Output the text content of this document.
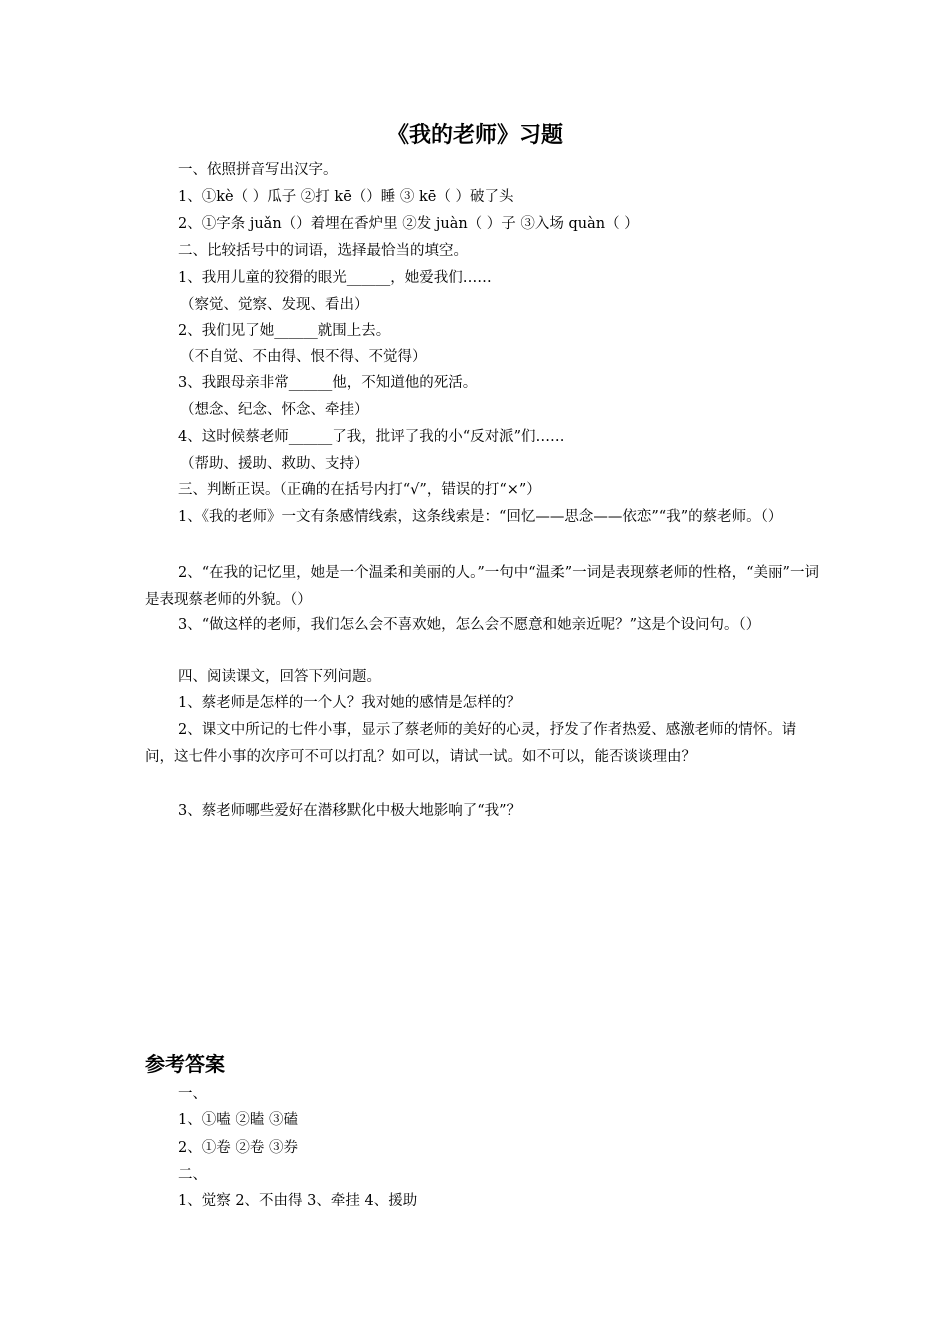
《我的老师》习题

一、依照拼音写出汉字。

1、①kè（ ）瓜子 ②打 kē（）睡 ③ kē（ ）破了头

2、①字条 juǎn（）着埋在香炉里 ②发 juàn（ ）子 ③入场 quàn（ ）

二、比较括号中的词语，选择最恰当的填空。

1、我用儿童的狡猾的眼光______，她爱我们……

（察觉、觉察、发现、看出）

2、我们见了她______就围上去。

（不自觉、不由得、恨不得、不觉得）

3、我跟母亲非常______他，不知道他的死活。

（想念、纪念、怀念、牵挂）

4、这时候蔡老师______了我，批评了我的小“反对派”们……

（帮助、援助、救助、支持）

三、判断正误。（正确的在括号内打“√”，错误的打“×”）

1、《我的老师》一文有条感情线索，这条线索是：“回忆——思念——依恋”“我”的蔡老师。（）

2、“在我的记忆里，她是一个温柔和美丽的人。”一句中“温柔”一词是表现蔡老师的性格，“美丽”一词是表现蔡老师的外貌。（）

3、“做这样的老师，我们怎么会不喜欢她，怎么会不愿意和她亲近呢？”这是个设问句。（）

四、阅读课文，回答下列问题。

1、蔡老师是怎样的一个人？我对她的感情是怎样的？

2、课文中所记的七件小事，显示了蔡老师的美好的心灵，抒发了作者热爱、感激老师的情怀。请问，这七件小事的次序可不可以打乱？如可以，请试一试。如不可以，能否谈谈理由？

3、蔡老师哪些爱好在潜移默化中极大地影响了“我”？

参考答案

一、

1、①嗑 ②瞌 ③磕

2、①卷 ②卷 ③券

二、

1、觉察 2、不由得 3、牵挂 4、援助
